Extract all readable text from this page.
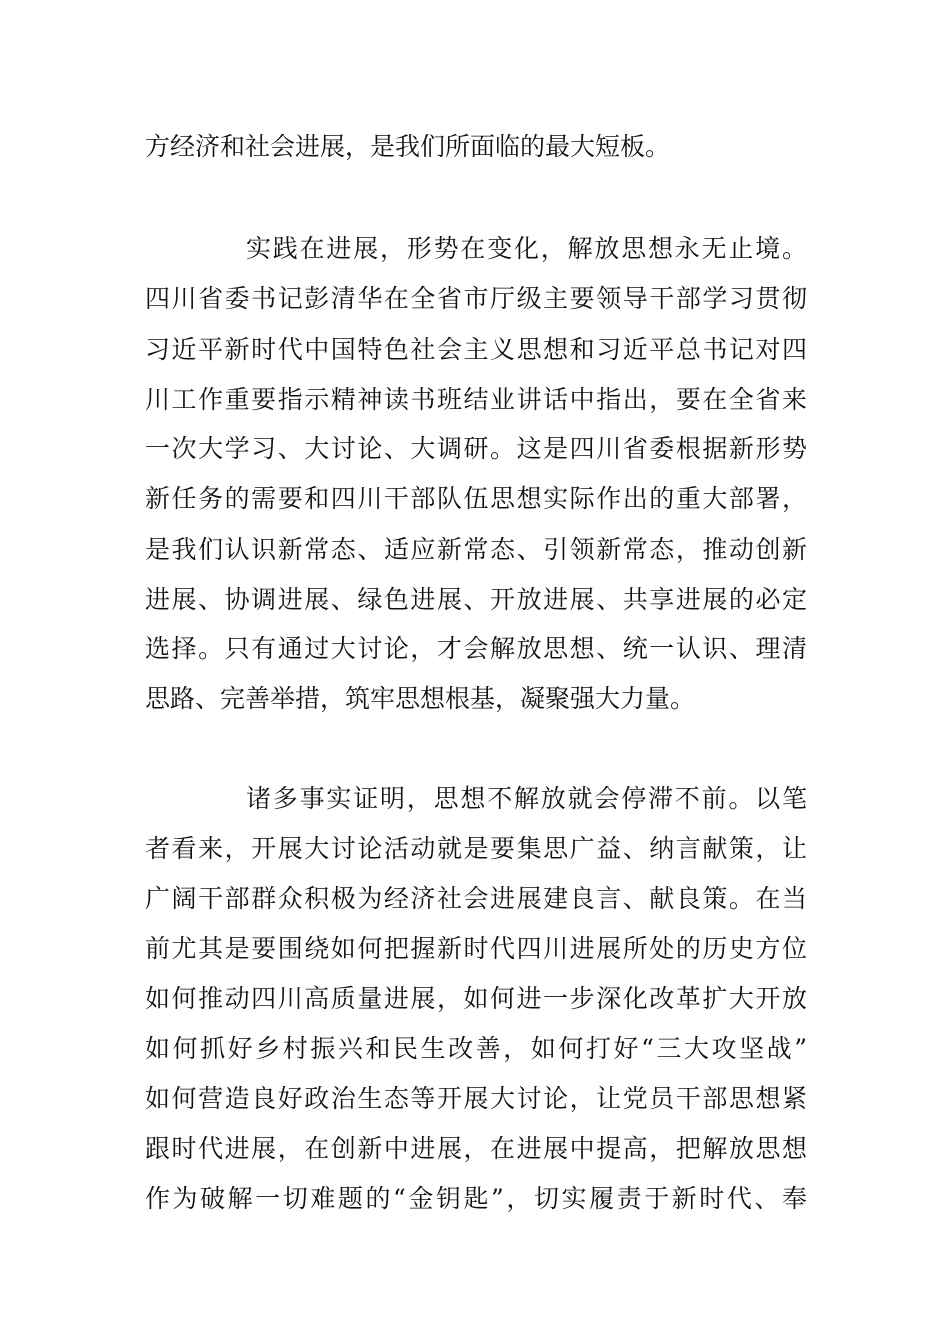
方经济和社会进展，是我们所面临的最大短板。
实践在进展，形势在变化，解放思想永无止境。
四川省委书记彭清华在全省市厅级主要领导干部学习贯彻
习近平新时代中国特色社会主义思想和习近平总书记对四
川工作重要指示精神读书班结业讲话中指出，要在全省来
一次大学习、大讨论、大调研。这是四川省委根据新形势
新任务的需要和四川干部队伍思想实际作出的重大部署，
是我们认识新常态、适应新常态、引领新常态，推动创新
进展、协调进展、绿色进展、开放进展、共享进展的必定
选择。只有通过大讨论，才会解放思想、统一认识、理清
思路、完善举措，筑牢思想根基，凝聚强大力量。
诸多事实证明，思想不解放就会停滞不前。以笔
者看来，开展大讨论活动就是要集思广益、纳言献策，让
广阔干部群众积极为经济社会进展建良言、献良策。在当
前尤其是要围绕如何把握新时代四川进展所处的历史方位
如何推动四川高质量进展，如何进一步深化改革扩大开放
如何抓好乡村振兴和民生改善，如何打好“三大攻坚战”
如何营造良好政治生态等开展大讨论，让党员干部思想紧
跟时代进展，在创新中进展，在进展中提高，把解放思想
作为破解一切难题的“金钥匙”，切实履责于新时代、奉
